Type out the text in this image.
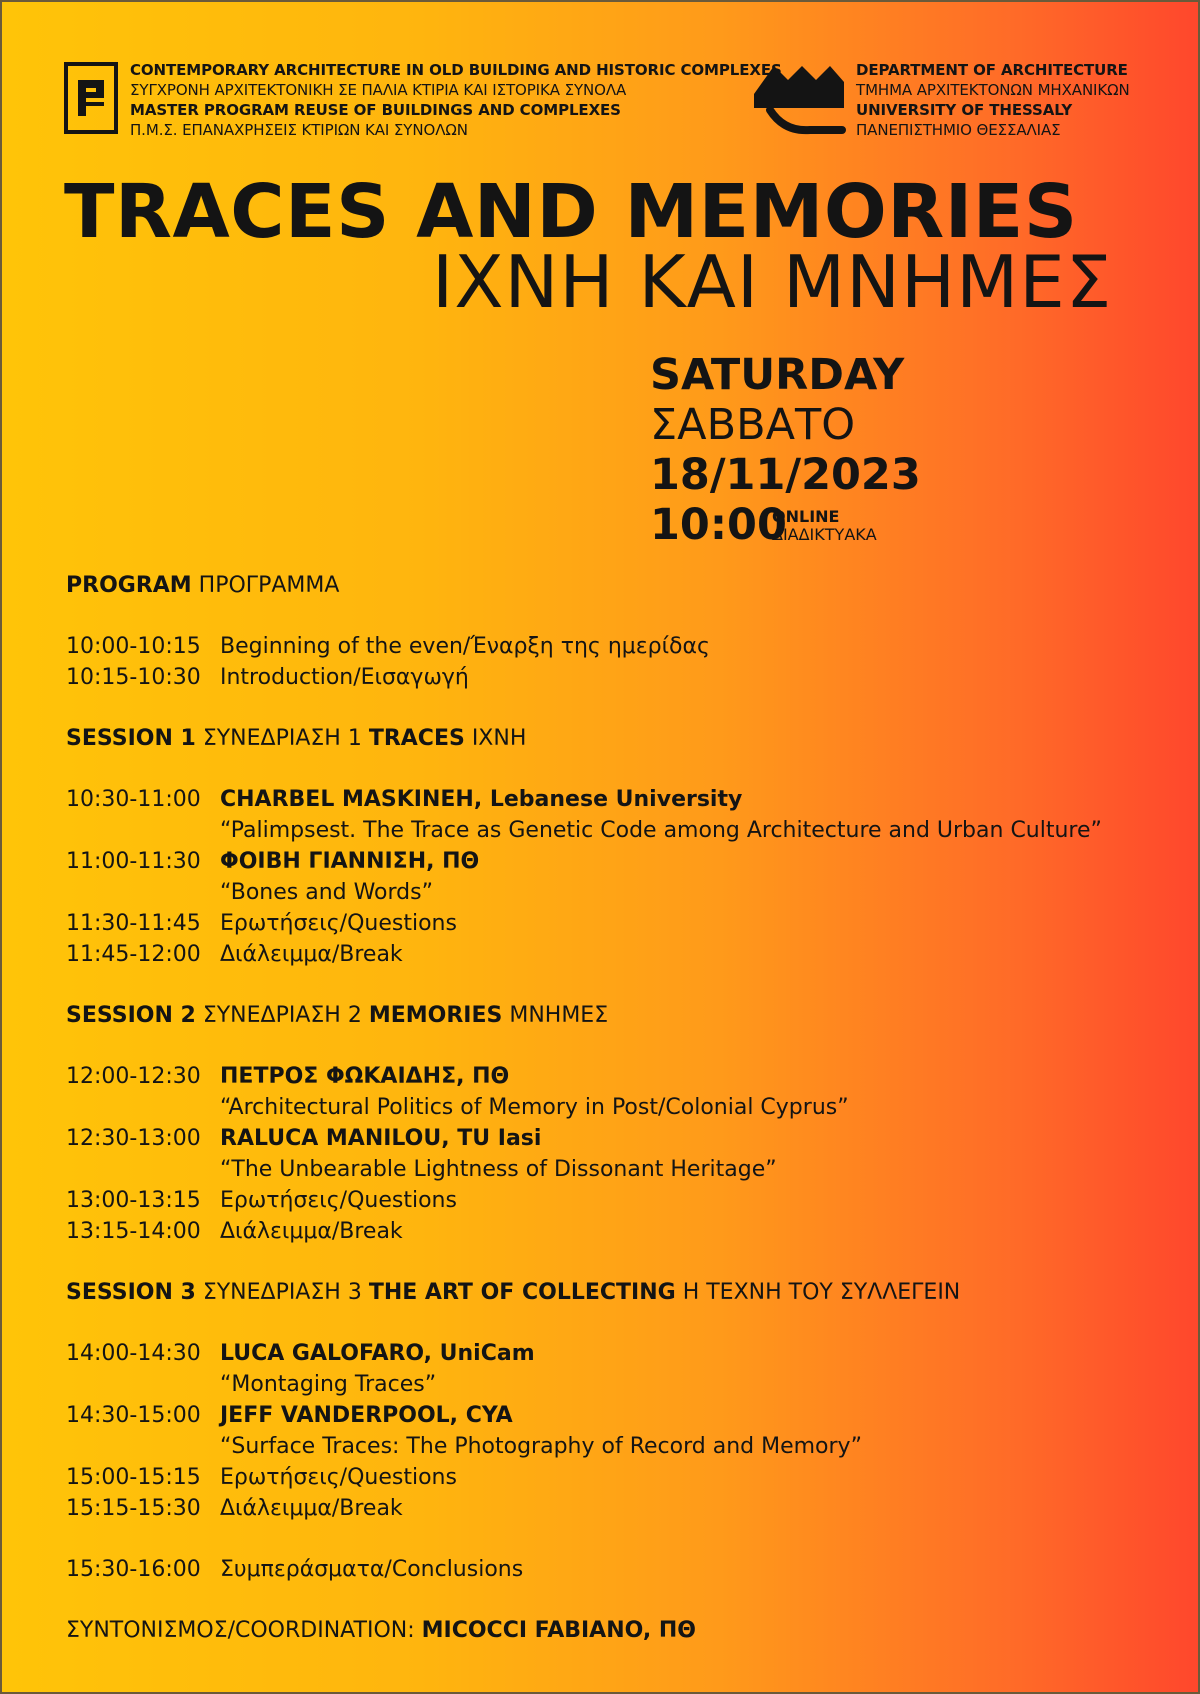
CONTEMPORARY ARCHITECTURE IN OLD BUILDING AND HISTORIC COMPLEXES
ΣΥΓΧΡΟΝΗ ΑΡΧΙΤΕΚΤΟΝΙΚΗ ΣΕ ΠΑΛΙΑ ΚΤΙΡΙΑ ΚΑΙ ΙΣΤΟΡΙΚΑ ΣΥΝΟΛΑ
MASTER PROGRAM REUSE OF BUILDINGS AND COMPLEXES
Π.Μ.Σ. ΕΠΑΝΑΧΡΗΣΕΙΣ ΚΤΙΡΙΩΝ ΚΑΙ ΣΥΝΟΛΩΝ
DEPARTMENT OF ARCHITECTURE
ΤΜΗΜΑ ΑΡΧΙΤΕΚΤΟΝΩΝ ΜΗΧΑΝΙΚΩΝ
UNIVERSITY OF THESSALY
ΠΑΝΕΠΙΣΤΗΜΙΟ ΘΕΣΣΑΛΙΑΣ
TRACES AND MEMORIES
ΙΧΝΗ ΚΑΙ ΜΝΗΜΕΣ
SATURDAY
ΣΑΒΒΑΤΟ
18/11/2023
10:00
ONLINE
ΔΙΑΔΙΚΤΥΑΚΑ
PROGRAM ΠΡΟΓΡΑΜΜΑ
10:00-10:15 Beginning of the even/Έναρξη της ημερίδας
10:15-10:30 Introduction/Εισαγωγή
SESSION 1 ΣΥΝΕΔΡΙΑΣΗ 1 TRACES ΙΧΝΗ
10:30-11:00 CHARBEL MASKINEH, Lebanese University
“Palimpsest. The Trace as Genetic Code among Architecture and Urban Culture”
11:00-11:30 ΦΟΙΒΗ ΓΙΑΝΝΙΣΗ, ΠΘ
“Bones and Words”
11:30-11:45 Ερωτήσεις/Questions
11:45-12:00 Διάλειμμα/Break
SESSION 2 ΣΥΝΕΔΡΙΑΣΗ 2 MEMORIES ΜΝΗΜΕΣ
12:00-12:30 ΠΕΤΡΟΣ ΦΩΚΑΙΔΗΣ, ΠΘ
“Architectural Politics of Memory in Post/Colonial Cyprus”
12:30-13:00 RALUCA MANILOU, TU Iasi
“The Unbearable Lightness of Dissonant Heritage”
13:00-13:15 Ερωτήσεις/Questions
13:15-14:00 Διάλειμμα/Break
SESSION 3 ΣΥΝΕΔΡΙΑΣΗ 3 THE ART OF COLLECTING Η ΤΕΧΝΗ ΤΟΥ ΣΥΛΛΕΓΕΙΝ
14:00-14:30 LUCA GALOFARO, UniCam
“Montaging Traces”
14:30-15:00 JEFF VANDERPOOL, CYA
“Surface Traces: The Photography of Record and Memory”
15:00-15:15 Ερωτήσεις/Questions
15:15-15:30 Διάλειμμα/Break
15:30-16:00 Συμπεράσματα/Conclusions
ΣΥΝΤΟΝΙΣΜΟΣ/COORDINATION: MICOCCI FABIANO, ΠΘ
